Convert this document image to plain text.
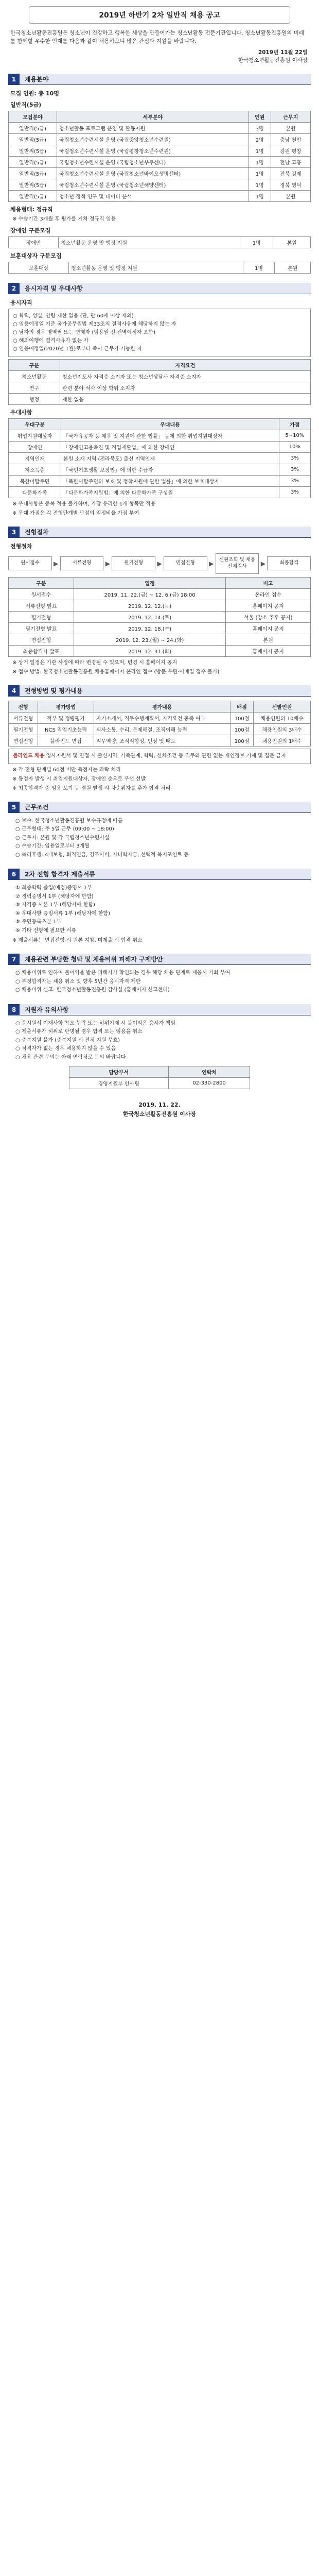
2019년 하반기 2차 일반직 채용 공고
한국청소년활동진흥원은 청소년이 건강하고 행복한 세상을 만들어가는 청소년활동 전문기관입니다. 청소년활동진흥원의 미래를 함께할 우수한 인재를 다음과 같이 채용하오니 많은 관심과 지원을 바랍니다.
2019년 11월 22일
한국청소년활동진흥원 이사장
1	채용분야
모집 인원: 총 10명
일반직(5급)
모집분야	세부분야	인원	근무지
일반직(5급)	청소년활동 프로그램 운영 및 활동지원	3명	본원
일반직(5급)	국립청소년수련시설 운영 (국립중앙청소년수련원)	2명	충남 천안
일반직(5급)	국립청소년수련시설 운영 (국립평창청소년수련원)	1명	강원 평창
일반직(5급)	국립청소년수련시설 운영 (국립청소년우주센터)	1명	전남 고흥
일반직(5급)	국립청소년수련시설 운영 (국립청소년바이오생명센터)	1명	전북 김제
일반직(5급)	국립청소년수련시설 운영 (국립청소년해양센터)	1명	경북 영덕
일반직(5급)	청소년 정책 연구 및 데이터 분석	1명	본원
채용형태: 정규직
※ 수습기간 3개월 후 평가를 거쳐 정규직 임용
장애인 구분모집
장애인	청소년활동 운영 및 행정 지원	1명	본원
보훈대상자 구분모집
보훈대상	청소년활동 운영 및 행정 지원	1명	본원
2	응시자격 및 우대사항
응시자격
○ 학력, 성별, 연령 제한 없음 (단, 만 60세 이상 제외)
○ 임용예정일 기준 국가공무원법 제33조의 결격사유에 해당하지 않는 자
○ 남자의 경우 병역필 또는 면제자 (임용일 전 전역예정자 포함)
○ 해외여행에 결격사유가 없는 자
○ 임용예정일(2020년 1월)로부터 즉시 근무가 가능한 자
구분	자격요건
청소년활동	청소년지도사 자격증 소지자 또는 청소년상담사 자격증 소지자
연구	관련 분야 석사 이상 학위 소지자
행정	제한 없음
우대사항
우대구분	우대내용	가점
취업지원대상자	「국가유공자 등 예우 및 지원에 관한 법률」 등에 의한 취업지원대상자	5~10%
장애인	「장애인고용촉진 및 직업재활법」에 의한 장애인	10%
지역인재	본원 소재 지역 (전라북도) 출신 지역인재	3%
저소득층	「국민기초생활 보장법」에 의한 수급자	3%
북한이탈주민	「북한이탈주민의 보호 및 정착지원에 관한 법률」에 의한 보호대상자	3%
다문화가족	「다문화가족지원법」에 의한 다문화가족 구성원	3%
※ 우대사항은 중복 적용 불가하며, 가장 유리한 1개 항목만 적용
※ 우대 가점은 각 전형단계별 만점의 일정비율 가점 부여
3	전형절차
전형절차
원서접수	▶	서류전형	▶	필기전형	▶	면접전형	▶
신원조회 및 채용신체검사	▶	최종합격
구분	일정	비고
원서접수	2019. 11. 22.(금) ~ 12. 6.(금) 18:00	온라인 접수
서류전형 발표	2019. 12. 12.(목)	홈페이지 공지
필기전형	2019. 12. 14.(토)	서울 (장소 추후 공지)
필기전형 발표	2019. 12. 18.(수)	홈페이지 공지
면접전형	2019. 12. 23.(월) ~ 24.(화)	본원
최종합격자 발표	2019. 12. 31.(화)	홈페이지 공지
※ 상기 일정은 기관 사정에 따라 변경될 수 있으며, 변경 시 홈페이지 공지
※ 접수 방법: 한국청소년활동진흥원 채용홈페이지 온라인 접수 (방문·우편·이메일 접수 불가)
4	전형방법 및 평가내용
전형	평가방법	평가내용	배점	선발인원
서류전형	적부 및 정량평가	자기소개서, 직무수행계획서, 자격요건 충족 여부	100점	채용인원의 10배수
필기전형	NCS 직업기초능력	의사소통, 수리, 문제해결, 조직이해 능력	100점	채용인원의 3배수
면접전형	블라인드 면접	직무역량, 조직적합성, 인성 및 태도	100점	채용인원의 1배수
블라인드 채용 입사지원서 및 면접 시 출신지역, 가족관계, 학력, 신체조건 등 직무와 관련 없는 개인정보 기재 및 질문 금지
※ 각 전형 단계별 60점 미만 득점자는 과락 처리
※ 동점자 발생 시 취업지원대상자, 장애인 순으로 우선 선발
※ 최종합격자 중 임용 포기 등 결원 발생 시 차순위자를 추가 합격 처리
5	근무조건
○ 보수: 한국청소년활동진흥원 보수규정에 따름
○ 근무형태: 주 5일 근무 (09:00 ~ 18:00)
○ 근무지: 본원 및 각 국립청소년수련시설
○ 수습기간: 임용일로부터 3개월
○ 복리후생: 4대보험, 퇴직연금, 경조사비, 자녀학자금, 선택적 복지포인트 등
6	2차 전형 합격자 제출서류
① 최종학력 졸업(예정)증명서 1부
② 경력증명서 1부 (해당자에 한함)
③ 자격증 사본 1부 (해당자에 한함)
④ 우대사항 증빙서류 1부 (해당자에 한함)
⑤ 주민등록초본 1부
⑥ 기타 전형에 필요한 서류
※ 제출서류는 면접전형 시 원본 지참, 미제출 시 합격 취소
7	채용관련 부당한 청탁 및 채용비위 피해자 구제방안
○ 채용비위로 인하여 불이익을 받은 피해자가 확인되는 경우 해당 채용 단계로 재응시 기회 부여
○ 부정합격자는 채용 취소 및 향후 5년간 응시자격 제한
○ 채용비위 신고: 한국청소년활동진흥원 감사실 (홈페이지 신고센터)
8	지원자 유의사항
○ 응시원서 기재사항 착오·누락 또는 허위기재 시 불이익은 응시자 책임
○ 제출서류가 허위로 판명될 경우 합격 또는 임용을 취소
○ 중복지원 불가 (중복지원 시 전체 지원 무효)
○ 적격자가 없는 경우 채용하지 않을 수 있음
○ 채용 관련 문의는 아래 연락처로 문의 바랍니다
담당부서	연락처
경영지원부 인사팀	02-330-2800
2019. 11. 22.
한국청소년활동진흥원 이사장
